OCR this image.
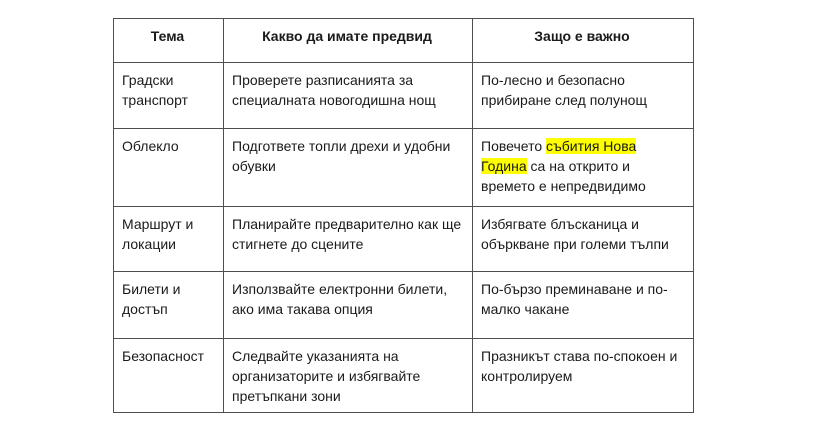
Тема	Какво да имате предвид	Защо е важно
Градски транспорт	Проверете разписанията за специалната новогодишна нощ	По-лесно и безопасно прибиране след полунощ
Облекло	Подгответе топли дрехи и удобни обувки	Повечето събития Нова Година са на открито и времето е непредвидимо
Маршрут и локации	Планирайте предварително как ще стигнете до сцените	Избягвате блъсканица и объркване при големи тълпи
Билети и достъп	Използвайте електронни билети, ако има такава опция	По-бързо преминаване и по-малко чакане
Безопасност	Следвайте указанията на организаторите и избягвайте претъпкани зони	Празникът става по-спокоен и контролируем
